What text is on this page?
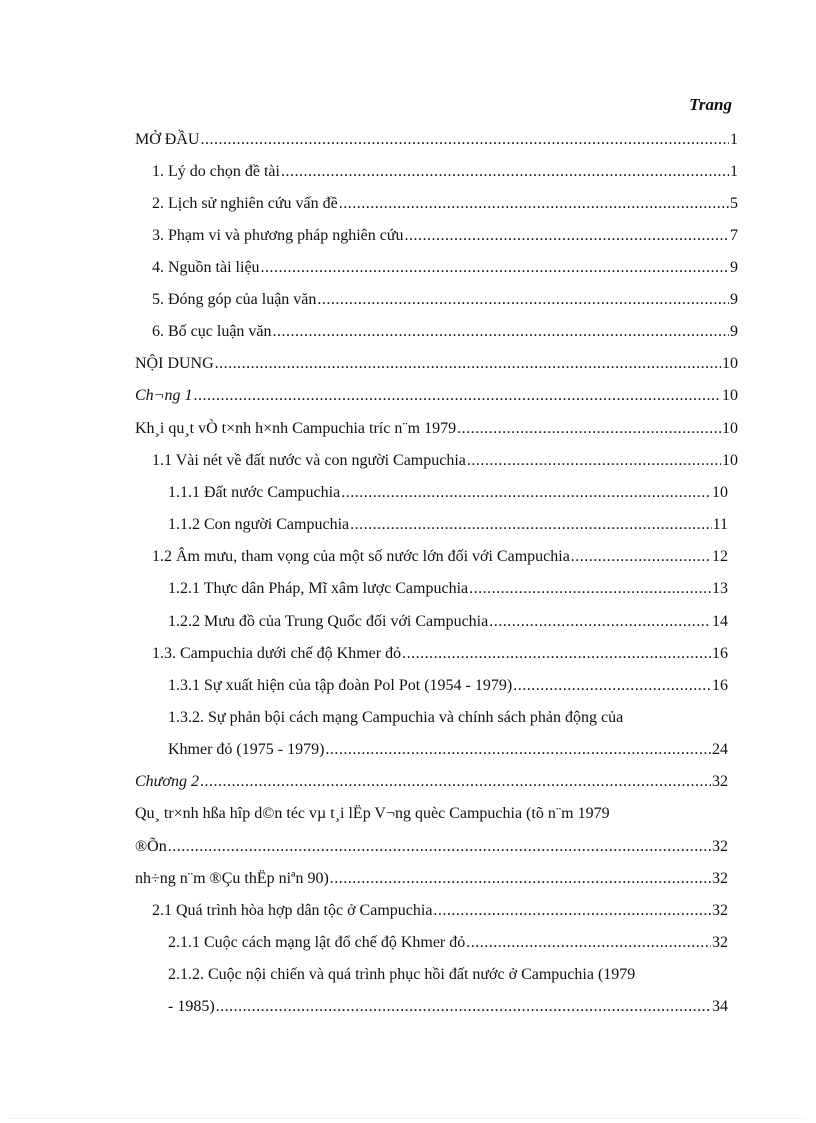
Trang
MỞ ĐẦU .....	1
1. Lý do chọn đề tài .....	1
2. Lịch sử nghiên cứu vấn đề .....	5
3. Phạm vi và phương pháp nghiên cứu .....	7
4. Nguồn tài liệu .....	9
5. Đóng góp của luận văn .....	9
6. Bố cục luận văn .....	9
NỘI DUNG .....	10
Ch¬ng 1 .....	10
Kh¸i qu¸t vÒ t×nh h×nh Campuchia tríc n¨m 1979 .....	10
1.1 Vài nét về đất nước và con người Campuchia .....	10
1.1.1 Đất nước Campuchia .....	10
1.1.2 Con người Campuchia .....	11
1.2 Âm mưu, tham vọng của một số nước lớn đối với Campuchia .....	12
1.2.1 Thực dân Pháp, Mĩ xâm lược Campuchia .....	13
1.2.2 Mưu đồ của Trung Quốc đối với Campuchia .....	14
1.3. Campuchia dưới chế độ Khmer đỏ .....	16
1.3.1 Sự xuất hiện của tập đoàn Pol Pot (1954 - 1979) .....	16
1.3.2. Sự phản bội cách mạng Campuchia và chính sách phản động của
Khmer đỏ (1975 - 1979) .....	24
Chương 2 .....	32
Qu¸ tr×nh hßa hîp d©n téc vµ t¸i lËp V¬ng quèc Campuchia (tõ n¨m 1979
®Õn .....	32
nh÷ng n¨m ®Çu thËp niªn 90) .....	32
2.1 Quá trình hòa hợp dân tộc ở Campuchia .....	32
2.1.1 Cuộc cách mạng lật đổ chế độ Khmer đỏ .....	32
2.1.2. Cuộc nội chiến và quá trình phục hồi đất nước ở Campuchia (1979
- 1985) .....	34
